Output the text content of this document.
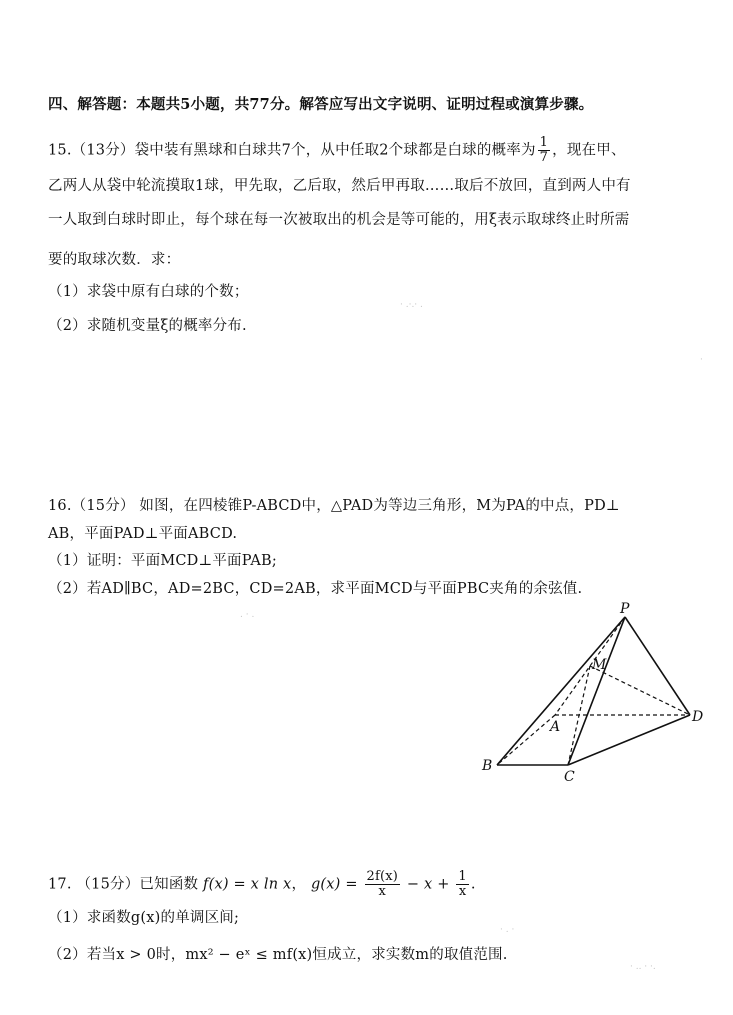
四、解答题：本题共5小题，共77分。解答应写出文字说明、证明过程或演算步骤。
15.（13分）袋中装有黑球和白球共7个，从中任取2个球都是白球的概率为 $\frac{1}{7}$ ，现在甲、
乙两人从袋中轮流摸取1球，甲先取，乙后取，然后甲再取……取后不放回，直到两人中有
一人取到白球时即止，每个球在每一次被取出的机会是等可能的，用ξ表示取球终止时所需
要的取球次数．求：
（1）求袋中原有白球的个数；
（2）求随机变量ξ的概率分布.
16.（15分） 如图，在四棱锥P-ABCD中，△PAD为等边三角形，M为PA的中点，PD⊥
AB，平面PAD⊥平面ABCD.
（1）证明：平面MCD⊥平面PAB;
（2）若AD∥BC，AD=2BC，CD=2AB，求平面MCD与平面PBC夹角的余弦值.
P
M
A
B
C
D
17. （15分）已知函数 f(x) = x ln x， $g(x) = \frac{2f(x)}{x} - x + \frac{1}{x}$ .
（1）求函数g(x)的单调区间;
（2）若当x > 0时，mx² − eˣ ≤ mf(x)恒成立，求实数m的取值范围.
· .·.· .
·
. · .
· . ·
· .. · ·.
